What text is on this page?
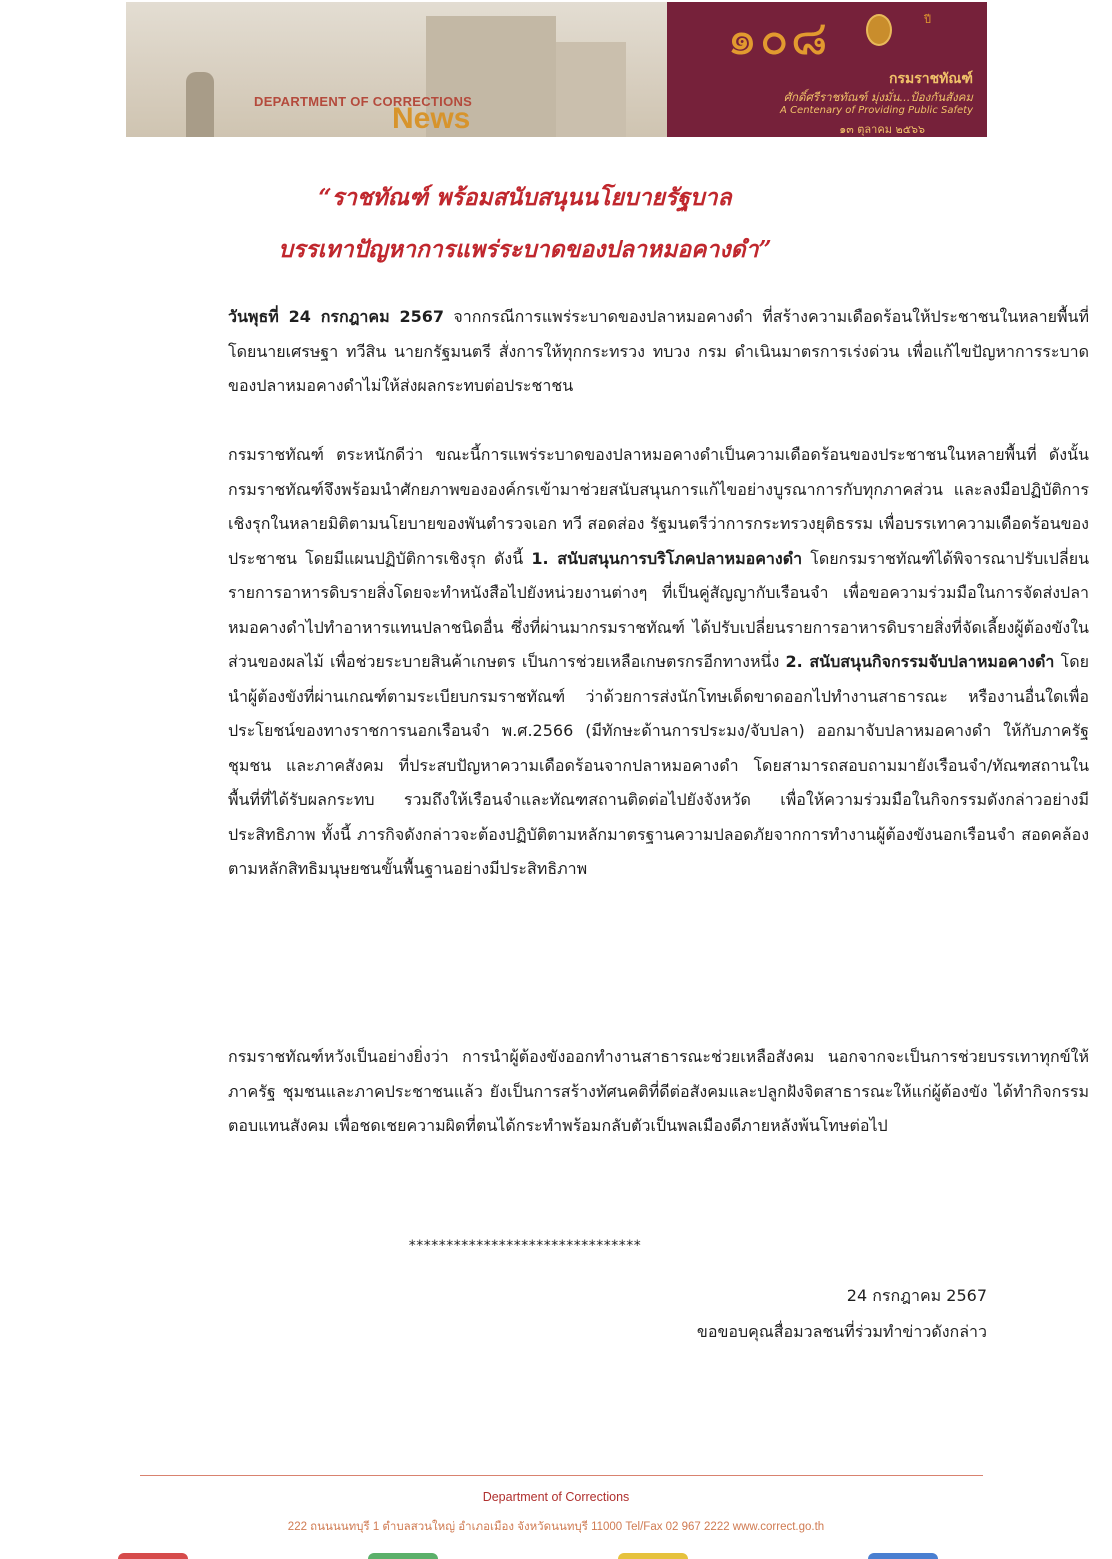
DEPARTMENT OF CORRECTIONS
News
๑๐๘	ปี
กรมราชทัณฑ์
ศักดิ์ศรีราชทัณฑ์ มุ่งมั่น...ป้องกันสังคม
A Centenary of Providing Public Safety
๑๓ ตุลาคม ๒๕๖๖
“ราชทัณฑ์ พร้อมสนับสนุนนโยบายรัฐบาล
บรรเทาปัญหาการแพร่ระบาดของปลาหมอคางดำ”

วันพุธที่ 24 กรกฎาคม 2567 จากกรณีการแพร่ระบาดของปลาหมอคางดำ ที่สร้างความเดือดร้อนให้ประชาชนในหลายพื้นที่ โดยนายเศรษฐา ทวีสิน นายกรัฐมนตรี สั่งการให้ทุกกระทรวง ทบวง กรม ดำเนินมาตรการเร่งด่วน เพื่อแก้ไขปัญหาการระบาดของปลาหมอคางดำไม่ให้ส่งผลกระทบต่อประชาชน

กรมราชทัณฑ์ ตระหนักดีว่า ขณะนี้การแพร่ระบาดของปลาหมอคางดำเป็นความเดือดร้อนของประชาชนในหลายพื้นที่ ดังนั้น กรมราชทัณฑ์จึงพร้อมนำศักยภาพขององค์กรเข้ามาช่วยสนับสนุนการแก้ไขอย่างบูรณาการกับทุกภาคส่วน และลงมือปฏิบัติการเชิงรุกในหลายมิติตามนโยบายของพันตำรวจเอก ทวี สอดส่อง รัฐมนตรีว่าการกระทรวงยุติธรรม เพื่อบรรเทาความเดือดร้อนของประชาชน โดยมีแผนปฏิบัติการเชิงรุก ดังนี้ 1. สนับสนุนการบริโภคปลาหมอคางดำ โดยกรมราชทัณฑ์ได้พิจารณาปรับเปลี่ยนรายการอาหารดิบรายสิ่งโดยจะทำหนังสือไปยังหน่วยงานต่างๆ ที่เป็นคู่สัญญากับเรือนจำ เพื่อขอความร่วมมือในการจัดส่งปลาหมอคางดำไปทำอาหารแทนปลาชนิดอื่น ซึ่งที่ผ่านมากรมราชทัณฑ์ ได้ปรับเปลี่ยนรายการอาหารดิบรายสิ่งที่จัดเลี้ยงผู้ต้องขังในส่วนของผลไม้ เพื่อช่วยระบายสินค้าเกษตร เป็นการช่วยเหลือเกษตรกรอีกทางหนึ่ง 2. สนับสนุนกิจกรรมจับปลาหมอคางดำ โดยนำผู้ต้องขังที่ผ่านเกณฑ์ตามระเบียบกรมราชทัณฑ์ ว่าด้วยการส่งนักโทษเด็ดขาดออกไปทำงานสาธารณะ หรืองานอื่นใดเพื่อประโยชน์ของทางราชการนอกเรือนจำ พ.ศ.2566 (มีทักษะด้านการประมง/จับปลา) ออกมาจับปลาหมอคางดำ ให้กับภาครัฐ ชุมชน และภาคสังคม ที่ประสบปัญหาความเดือดร้อนจากปลาหมอคางดำ โดยสามารถสอบถามมายังเรือนจำ/ทัณฑสถานในพื้นที่ที่ได้รับผลกระทบ รวมถึงให้เรือนจำและทัณฑสถานติดต่อไปยังจังหวัด เพื่อให้ความร่วมมือในกิจกรรมดังกล่าวอย่างมีประสิทธิภาพ ทั้งนี้ ภารกิจดังกล่าวจะต้องปฏิบัติตามหลักมาตรฐานความปลอดภัยจากการทำงานผู้ต้องขังนอกเรือนจำ สอดคล้องตามหลักสิทธิมนุษยชนขั้นพื้นฐานอย่างมีประสิทธิภาพ

กรมราชทัณฑ์หวังเป็นอย่างยิ่งว่า การนำผู้ต้องขังออกทำงานสาธารณะช่วยเหลือสังคม นอกจากจะเป็นการช่วยบรรเทาทุกข์ให้ภาครัฐ ชุมชนและภาคประชาชนแล้ว ยังเป็นการสร้างทัศนคติที่ดีต่อสังคมและปลูกฝังจิตสาธารณะให้แก่ผู้ต้องขัง ได้ทำกิจกรรมตอบแทนสังคม เพื่อชดเชยความผิดที่ตนได้กระทำพร้อมกลับตัวเป็นพลเมืองดีภายหลังพ้นโทษต่อไป

*******************************
24 กรกฎาคม 2567
ขอขอบคุณสื่อมวลชนที่ร่วมทำข่าวดังกล่าว
Department of Corrections
222 ถนนนนทบุรี 1 ตำบลสวนใหญ่ อำเภอเมือง จังหวัดนนทบุรี 11000 Tel/Fax 02 967 2222 www.correct.go.th
